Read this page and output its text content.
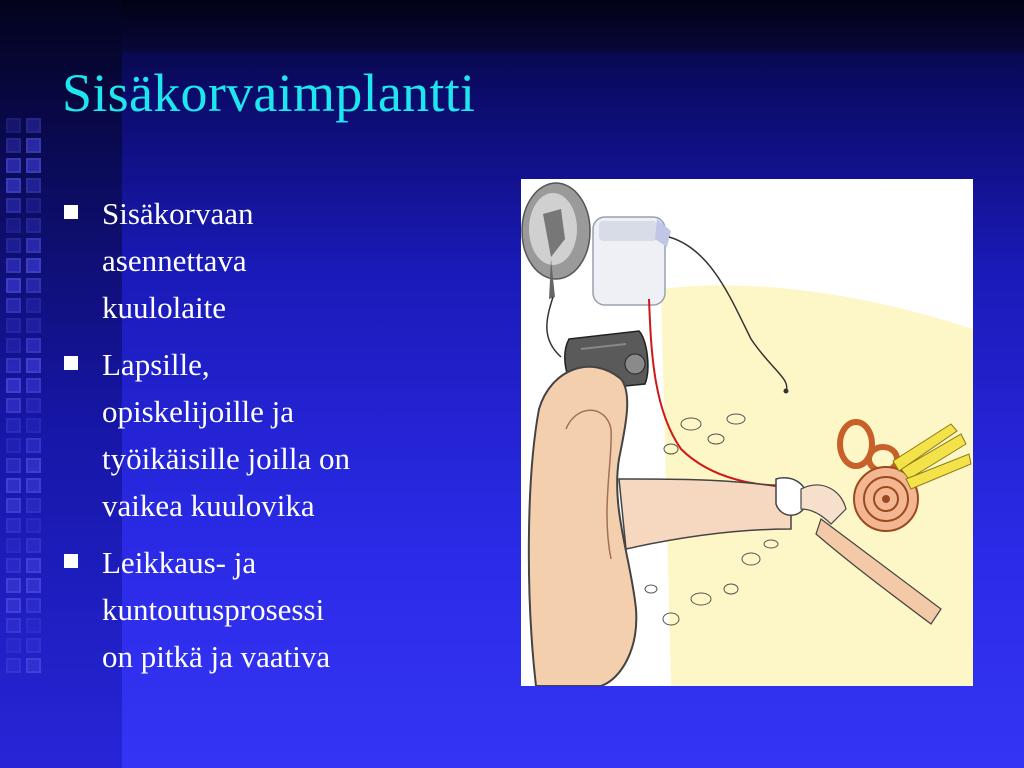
Sisäkorvaimplantti
Sisäkorvaan
asennettava
kuulolaite
Lapsille,
opiskelijoille ja
työikäisille joilla on
vaikea kuulovika
Leikkaus- ja
kuntoutusprosessi
on pitkä ja vaativa
